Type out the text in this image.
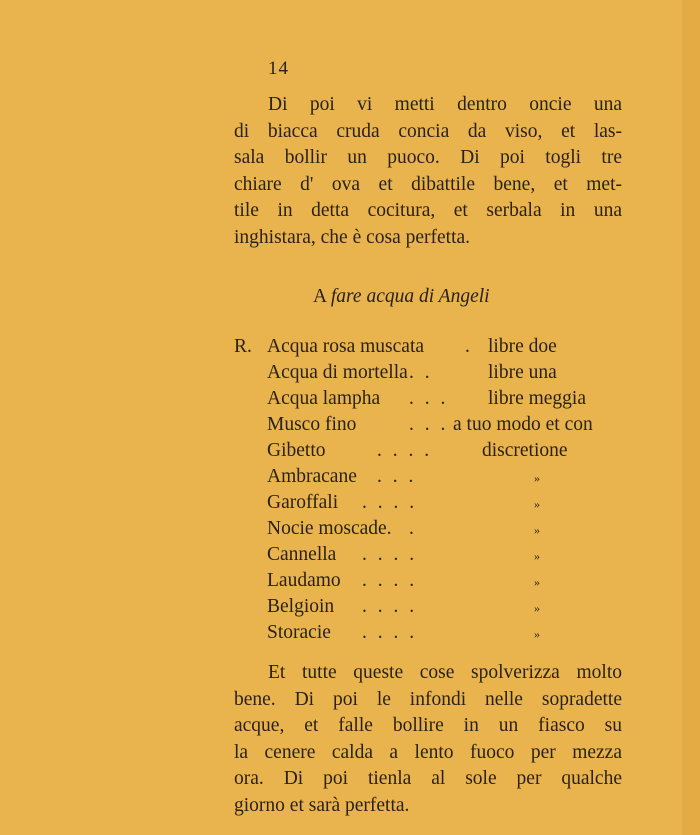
14
Di poi vi metti dentro oncie una
di biacca cruda concia da viso, et las-
sala bollir un puoco. Di poi togli tre
chiare d' ova et dibattile bene, et met-
tile in detta cocitura, et serbala in una
inghistara, che è cosa perfetta.
A fare acqua di Angeli
R. Acqua rosa muscata . libre doe
Acqua di mortella . .	libre una
Acqua lampha . . . libre meggia
Musco fino	. . . a tuo modo et con
Gibetto	. . . .	discretione
Ambracane . . .	»
Garoffali . . . .	»
Nocie moscade. .	»
Cannella . . . .	»
Laudamo . . . .	»
Belgioin . . . .	»
Storacie . . . .	»
Et tutte queste cose spolverizza molto
bene. Di poi le infondi nelle sopradette
acque, et falle bollire in un fiasco su
la cenere calda a lento fuoco per mezza
ora. Di poi tienla al sole per qualche
giorno et sarà perfetta.
